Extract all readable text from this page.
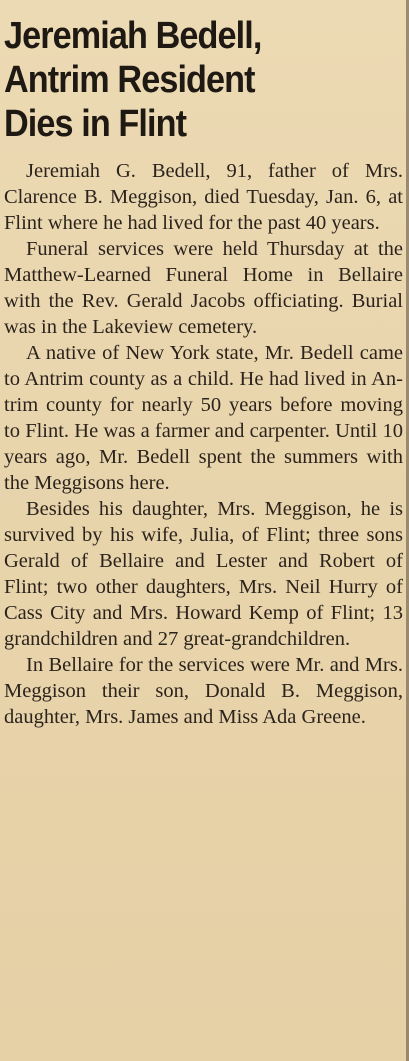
Jeremiah Bedell,
Antrim Resident
Dies in Flint

Jeremiah G. Bedell, 91, father of Mrs. Clarence B. Meggison, died Tuesday, Jan. 6, at Flint where he had lived for the past 40 years.

Funeral services were held Thursday at the Matthew-Learned Funeral Home in Bellaire with the Rev. Gerald Jacobs officiating. Burial was in the Lakeview cemetery.

A native of New York state, Mr. Bedell came to Antrim county as a child. He had lived in Antrim county for nearly 50 years before moving to Flint. He was a farmer and carpenter. Until 10 years ago, Mr. Bedell spent the summers with the Meggisons here.

Besides his daughter, Mrs. Meggison, he is survived by his wife, Julia, of Flint; three sons Gerald of Bellaire and Lester and Robert of Flint; two other daughters, Mrs. Neil Hurry of Cass City and Mrs. Howard Kemp of Flint; 13 grandchildren and 27 great-grandchildren.

In Bellaire for the services were Mr. and Mrs. Meggison their son, Donald B. Meggison, daughter, Mrs. James and Miss Ada Greene.
